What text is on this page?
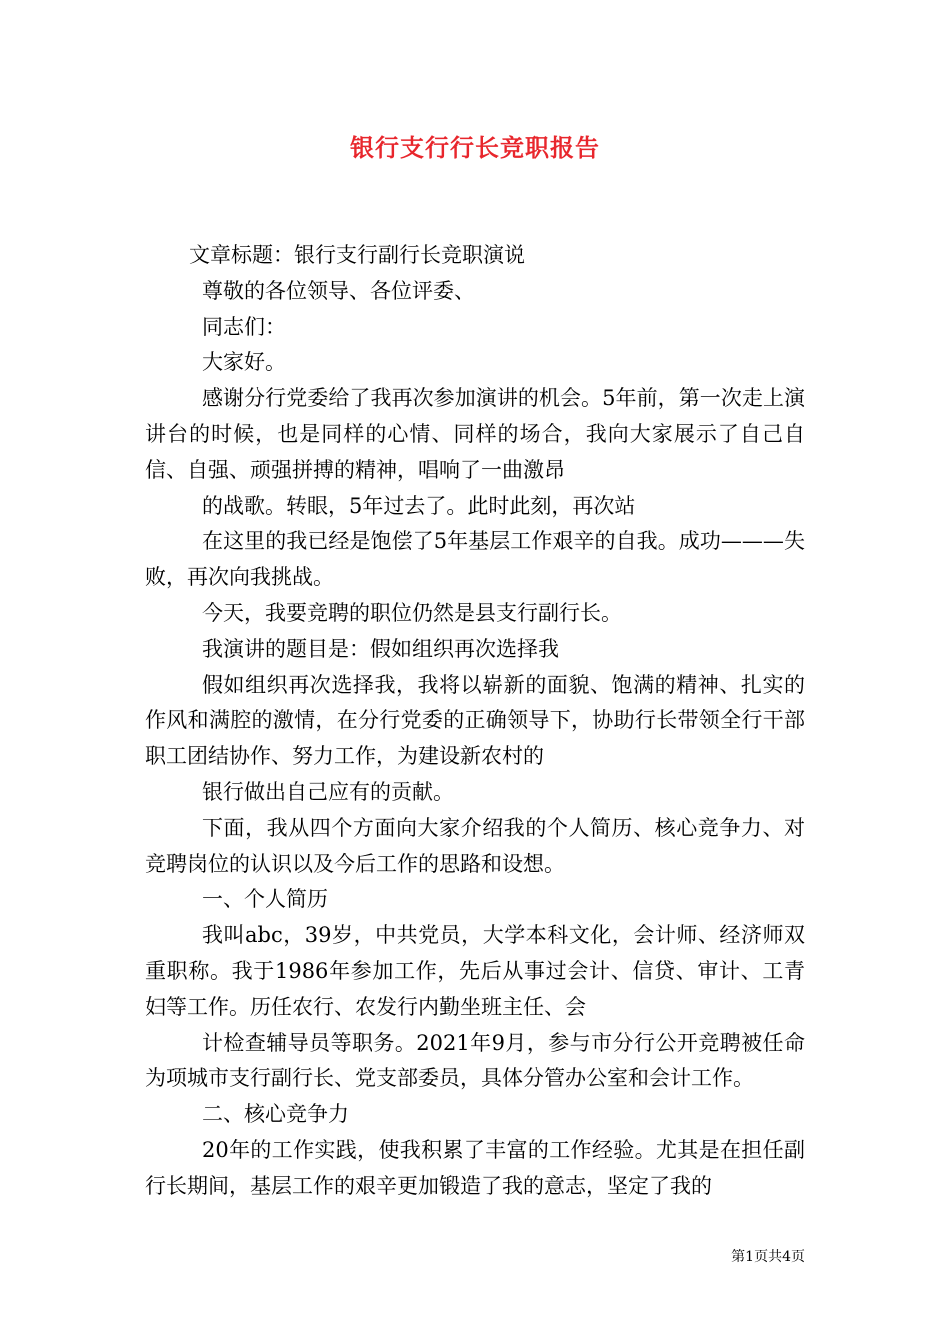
银行支行行长竞职报告

文章标题：银行支行副行长竞职演说

尊敬的各位领导、各位评委、

同志们：

大家好。

感谢分行党委给了我再次参加演讲的机会。5年前，第一次走上演讲台的时候，也是同样的心情、同样的场合，我向大家展示了自己自信、自强、顽强拼搏的精神，唱响了一曲激昂

的战歌。转眼，5年过去了。此时此刻，再次站

在这里的我已经是饱偿了5年基层工作艰辛的自我。成功———失败，再次向我挑战。

今天，我要竞聘的职位仍然是县支行副行长。

我演讲的题目是：假如组织再次选择我

假如组织再次选择我，我将以崭新的面貌、饱满的精神、扎实的作风和满腔的激情，在分行党委的正确领导下，协助行长带领全行干部职工团结协作、努力工作，为建设新农村的

银行做出自己应有的贡献。

下面，我从四个方面向大家介绍我的个人简历、核心竞争力、对竞聘岗位的认识以及今后工作的思路和设想。

一、个人简历

我叫abc，39岁，中共党员，大学本科文化，会计师、经济师双重职称。我于1986年参加工作，先后从事过会计、信贷、审计、工青妇等工作。历任农行、农发行内勤坐班主任、会

计检查辅导员等职务。2021年9月，参与市分行公开竞聘被任命为项城市支行副行长、党支部委员，具体分管办公室和会计工作。

二、核心竞争力

20年的工作实践，使我积累了丰富的工作经验。尤其是在担任副行长期间，基层工作的艰辛更加锻造了我的意志，坚定了我的

第1页共4页
